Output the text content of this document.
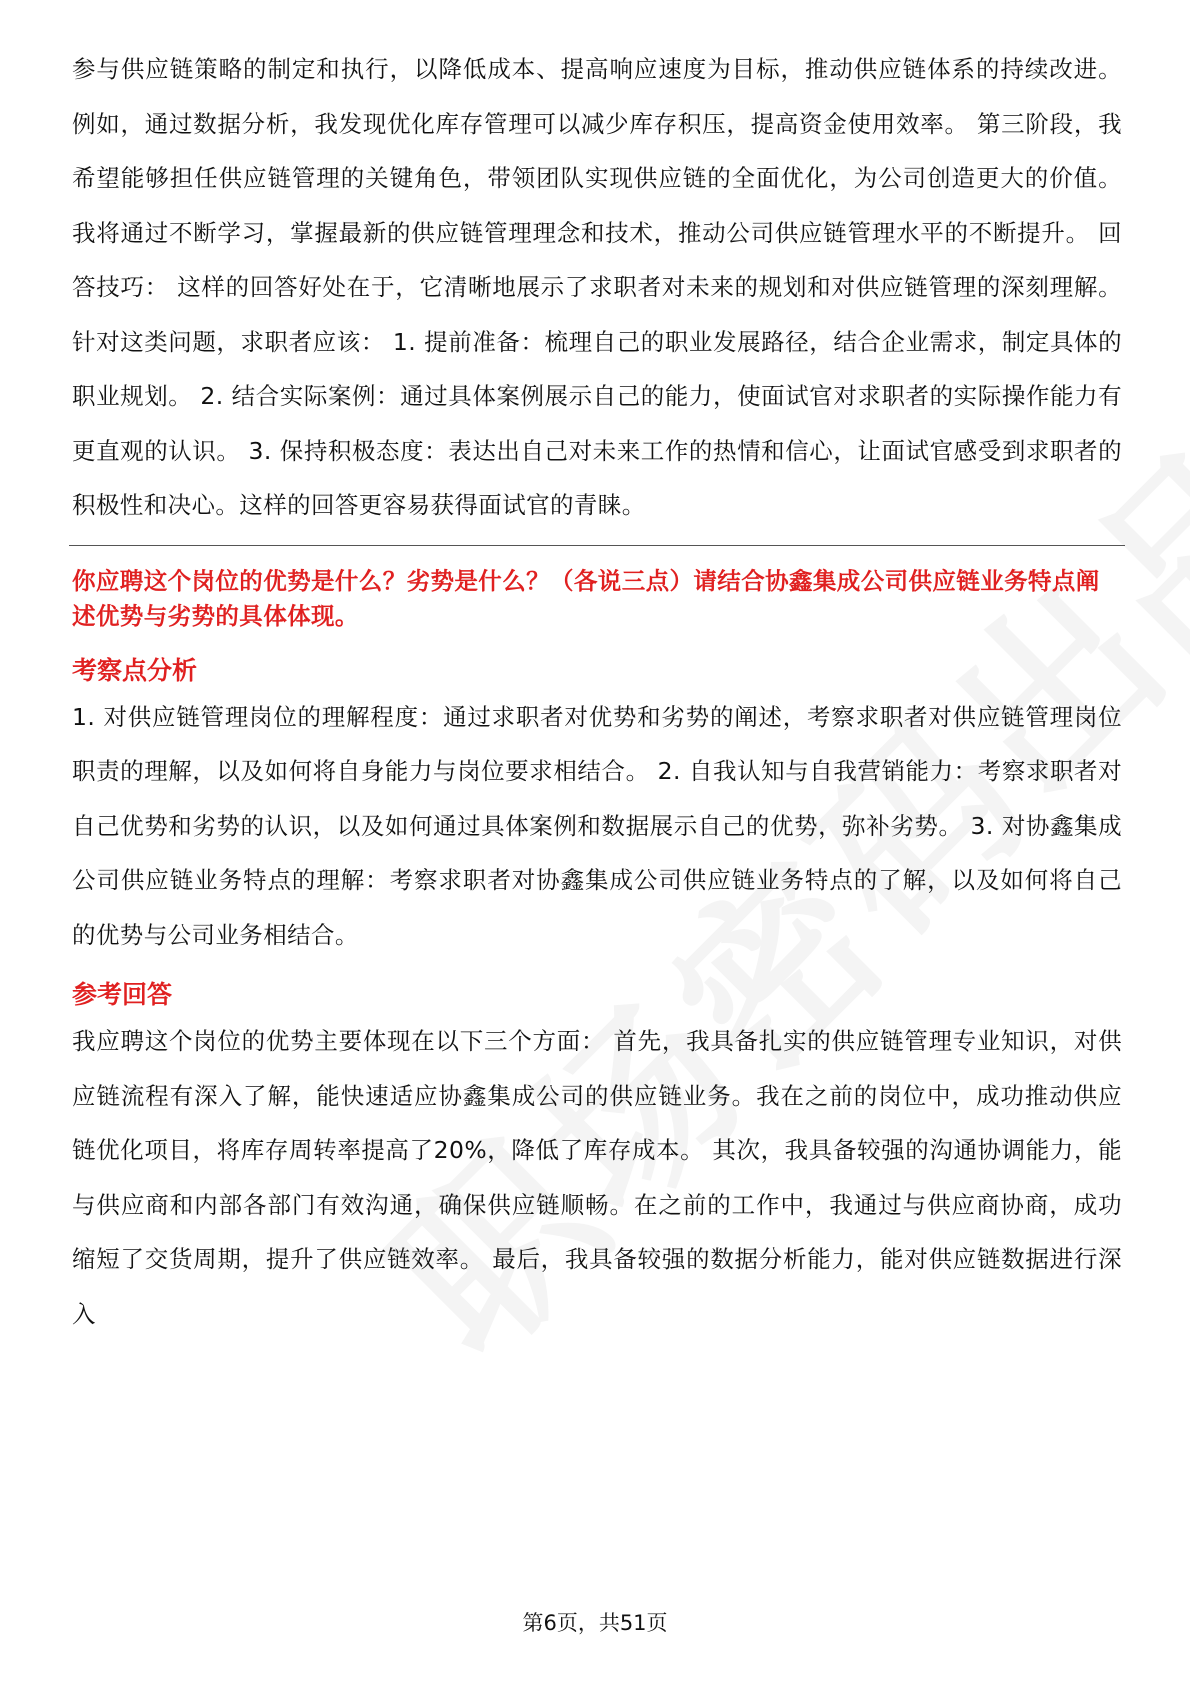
参与供应链策略的制定和执行，以降低成本、提高响应速度为目标，推动供应链体系的持续改进。例如，通过数据分析，我发现优化库存管理可以减少库存积压，提高资金使用效率。 第三阶段，我希望能够担任供应链管理的关键角色，带领团队实现供应链的全面优化，为公司创造更大的价值。我将通过不断学习，掌握最新的供应链管理理念和技术，推动公司供应链管理水平的不断提升。 回答技巧： 这样的回答好处在于，它清晰地展示了求职者对未来的规划和对供应链管理的深刻理解。针对这类问题，求职者应该： 1. 提前准备：梳理自己的职业发展路径，结合企业需求，制定具体的职业规划。 2. 结合实际案例：通过具体案例展示自己的能力，使面试官对求职者的实际操作能力有更直观的认识。 3. 保持积极态度：表达出自己对未来工作的热情和信心，让面试官感受到求职者的积极性和决心。这样的回答更容易获得面试官的青睐。

你应聘这个岗位的优势是什么？劣势是什么？（各说三点）请结合协鑫集成公司供应链业务特点阐述优势与劣势的具体体现。

考察点分析

1. 对供应链管理岗位的理解程度：通过求职者对优势和劣势的阐述，考察求职者对供应链管理岗位职责的理解，以及如何将自身能力与岗位要求相结合。 2. 自我认知与自我营销能力：考察求职者对自己优势和劣势的认识，以及如何通过具体案例和数据展示自己的优势，弥补劣势。 3. 对协鑫集成公司供应链业务特点的理解：考察求职者对协鑫集成公司供应链业务特点的了解，以及如何将自己的优势与公司业务相结合。

参考回答

我应聘这个岗位的优势主要体现在以下三个方面： 首先，我具备扎实的供应链管理专业知识，对供应链流程有深入了解，能快速适应协鑫集成公司的供应链业务。我在之前的岗位中，成功推动供应链优化项目，将库存周转率提高了20%，降低了库存成本。 其次，我具备较强的沟通协调能力，能与供应商和内部各部门有效沟通，确保供应链顺畅。在之前的工作中，我通过与供应商协商，成功缩短了交货周期，提升了供应链效率。 最后，我具备较强的数据分析能力，能对供应链数据进行深入

第6页，共51页
